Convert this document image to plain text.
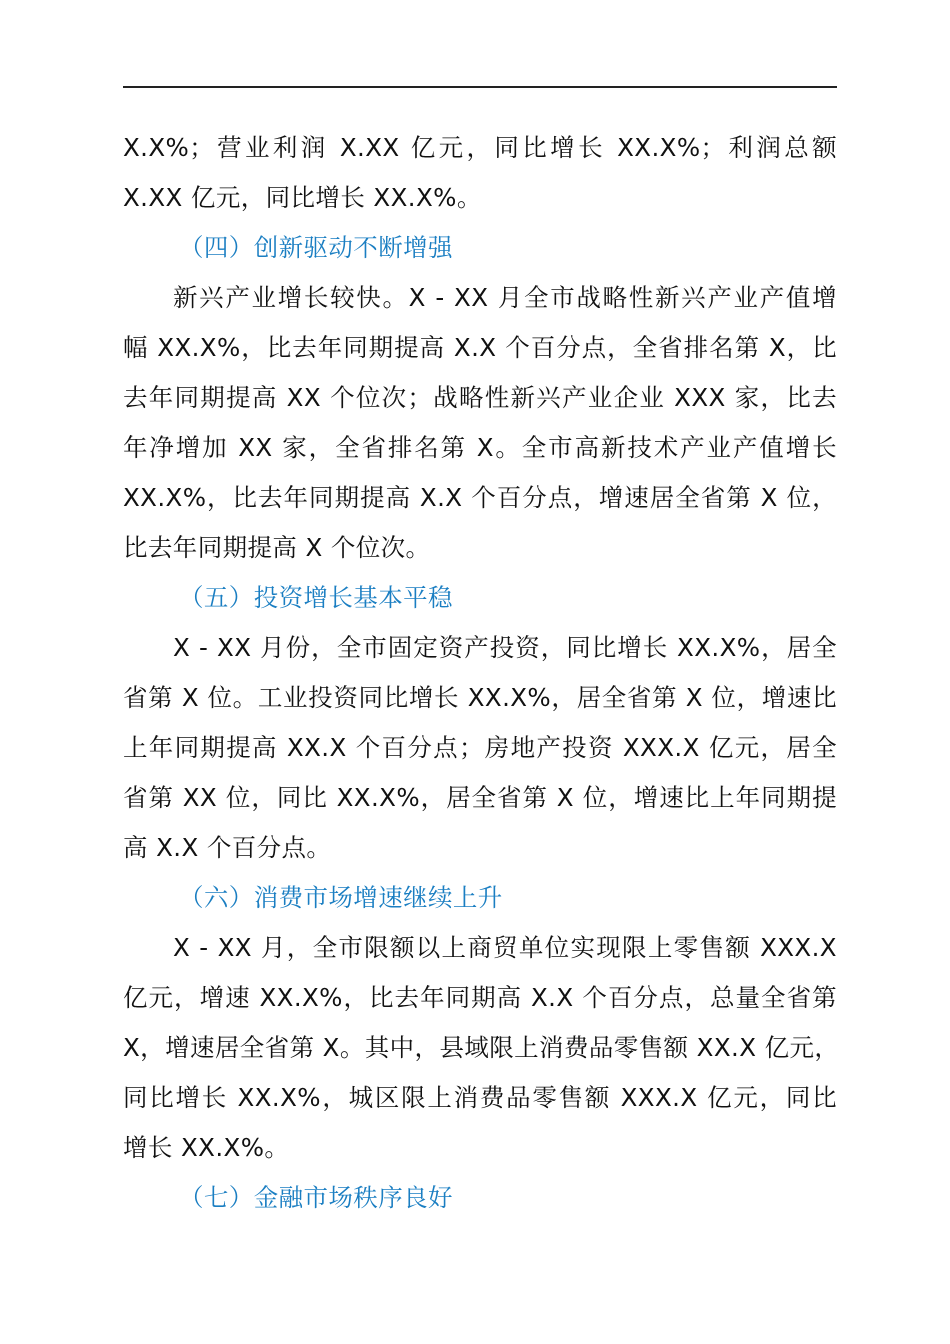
X.X%；营业利润 X.XX 亿元，同比增长 XX.X%；利润总额
X.XX 亿元，同比增长 XX.X%。
（四）创新驱动不断增强
新兴产业增长较快。X - XX 月全市战略性新兴产业产值增
幅 XX.X%，比去年同期提高 X.X 个百分点，全省排名第 X，比
去年同期提高 XX 个位次；战略性新兴产业企业 XXX 家，比去
年净增加 XX 家，全省排名第 X。全市高新技术产业产值增长
XX.X%，比去年同期提高 X.X 个百分点，增速居全省第 X 位，
比去年同期提高 X 个位次。
（五）投资增长基本平稳
X - XX 月份，全市固定资产投资，同比增长 XX.X%，居全
省第 X 位。工业投资同比增长 XX.X%，居全省第 X 位，增速比
上年同期提高 XX.X 个百分点；房地产投资 XXX.X 亿元，居全
省第 XX 位，同比 XX.X%，居全省第 X 位，增速比上年同期提
高 X.X 个百分点。
（六）消费市场增速继续上升
X - XX 月，全市限额以上商贸单位实现限上零售额 XXX.X
亿元，增速 XX.X%，比去年同期高 X.X 个百分点，总量全省第
X，增速居全省第 X。其中，县域限上消费品零售额 XX.X 亿元，
同比增长 XX.X%，城区限上消费品零售额 XXX.X 亿元，同比
增长 XX.X%。
（七）金融市场秩序良好
